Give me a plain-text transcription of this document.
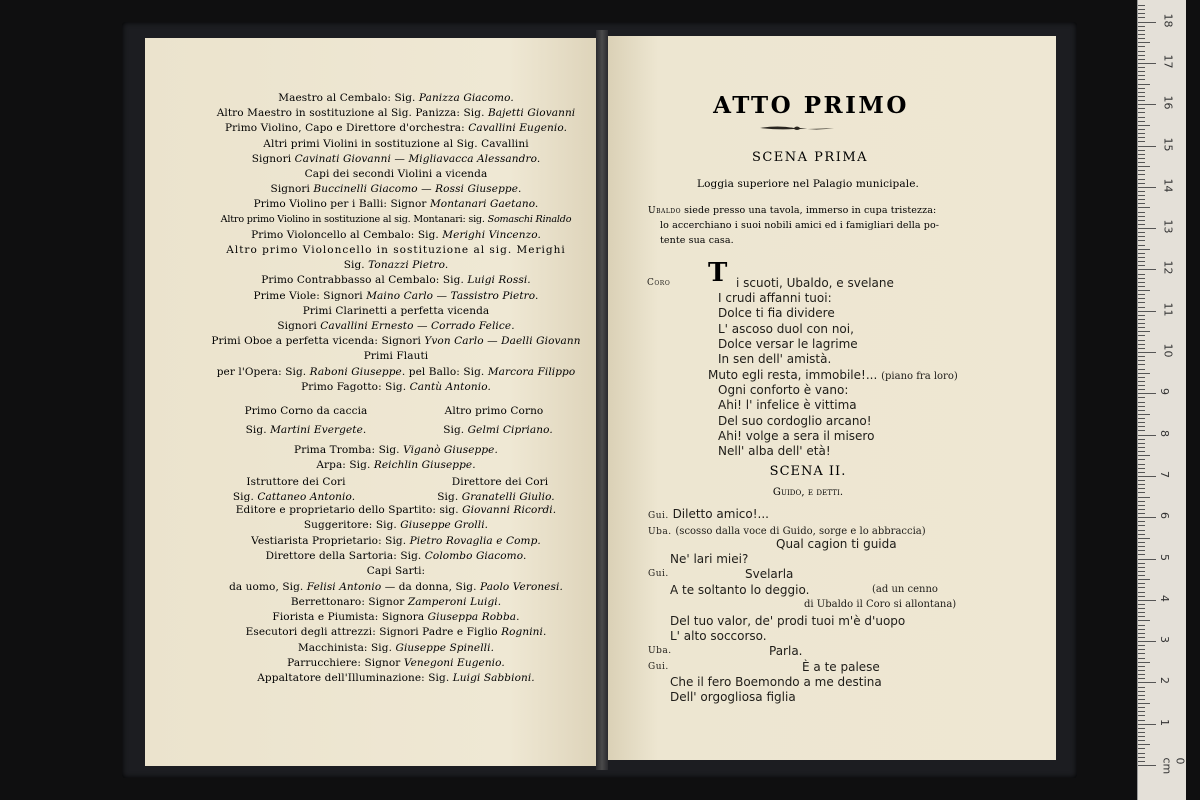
Maestro al Cembalo: Sig. Panizza Giacomo.
Altro Maestro in sostituzione al Sig. Panizza: Sig. Bajetti Giovanni
Primo Violino, Capo e Direttore d'orchestra: Cavallini Eugenio.
Altri primi Violini in sostituzione al Sig. Cavallini
Signori Cavinati Giovanni — Migliavacca Alessandro.
Capi dei secondi Violini a vicenda
Signori Buccinelli Giacomo — Rossi Giuseppe.
Primo Violino per i Balli: Signor Montanari Gaetano.
Altro primo Violino in sostituzione al sig. Montanari: sig. Somaschi Rinaldo
Primo Violoncello al Cembalo: Sig. Merighi Vincenzo.
Altro primo Violoncello in sostituzione al sig. Merighi
Sig. Tonazzi Pietro.
Primo Contrabbasso al Cembalo: Sig. Luigi Rossi.
Prime Viole: Signori Maino Carlo — Tassistro Pietro.
Primi Clarinetti a perfetta vicenda
Signori Cavallini Ernesto — Corrado Felice.
Primi Oboe a perfetta vicenda: Signori Yvon Carlo — Daelli Giovann
Primi Flauti
per l'Opera: Sig. Raboni Giuseppe. pel Ballo: Sig. Marcora Filippo
Primo Fagotto: Sig. Cantù Antonio.
Primo Corno da caccia	Altro primo Corno
Sig. Martini Evergete.	Sig. Gelmi Cipriano.
Prima Tromba: Sig. Viganò Giuseppe.
Arpa: Sig. Reichlin Giuseppe.
Istruttore dei Cori	Direttore dei Cori
Sig. Cattaneo Antonio.	Sig. Granatelli Giulio.
Editore e proprietario dello Spartito: sig. Giovanni Ricordi.
Suggeritore: Sig. Giuseppe Grolli.
Vestiarista Proprietario: Sig. Pietro Rovaglia e Comp.
Direttore della Sartoria: Sig. Colombo Giacomo.
Capi Sarti:
da uomo, Sig. Felisi Antonio — da donna, Sig. Paolo Veronesi.
Berrettonaro: Signor Zamperoni Luigi.
Fiorista e Piumista: Signora Giuseppa Robba.
Esecutori degli attrezzi: Signori Padre e Figlio Rognini.
Macchinista: Sig. Giuseppe Spinelli.
Parrucchiere: Signor Venegoni Eugenio.
Appaltatore dell'Illuminazione: Sig. Luigi Sabbioni.
ATTO PRIMO
SCENA PRIMA
Loggia superiore nel Palagio municipale.
Ubaldo siede presso una tavola, immerso in cupa tristezza:
lo accerchiano i suoi nobili amici ed i famigliari della po-
tente sua casa.
Coro T i scuoti, Ubaldo, e svelane
I crudi affanni tuoi:
Dolce ti fia dividere
L' ascoso duol con noi,
Dolce versar le lagrime
In sen dell' amistà.
Muto egli resta, immobile!... (piano fra loro)
Ogni conforto è vano:
Ahi! l' infelice è vittima
Del suo cordoglio arcano!
Ahi! volge a sera il misero
Nell' alba dell' età!
SCENA II.
Guido, e detti.
Gui. Diletto amico!...
Uba. (scosso dalla voce di Guido, sorge e lo abbraccia)
Qual cagion ti guida
Ne' lari miei?
Gui.	Svelarla
A te soltanto lo deggio.	(ad un cenno
di Ubaldo il Coro si allontana)
Del tuo valor, de' prodi tuoi m'è d'uopo
L' alto soccorso.
Uba.	Parla.
Gui.	È a te palese
Che il fero Boemondo a me destina
Dell' orgogliosa figlia
0 cm
1
2
3
4
5
6
7
8
9
10
11
12
13
14
15
16
17
18
